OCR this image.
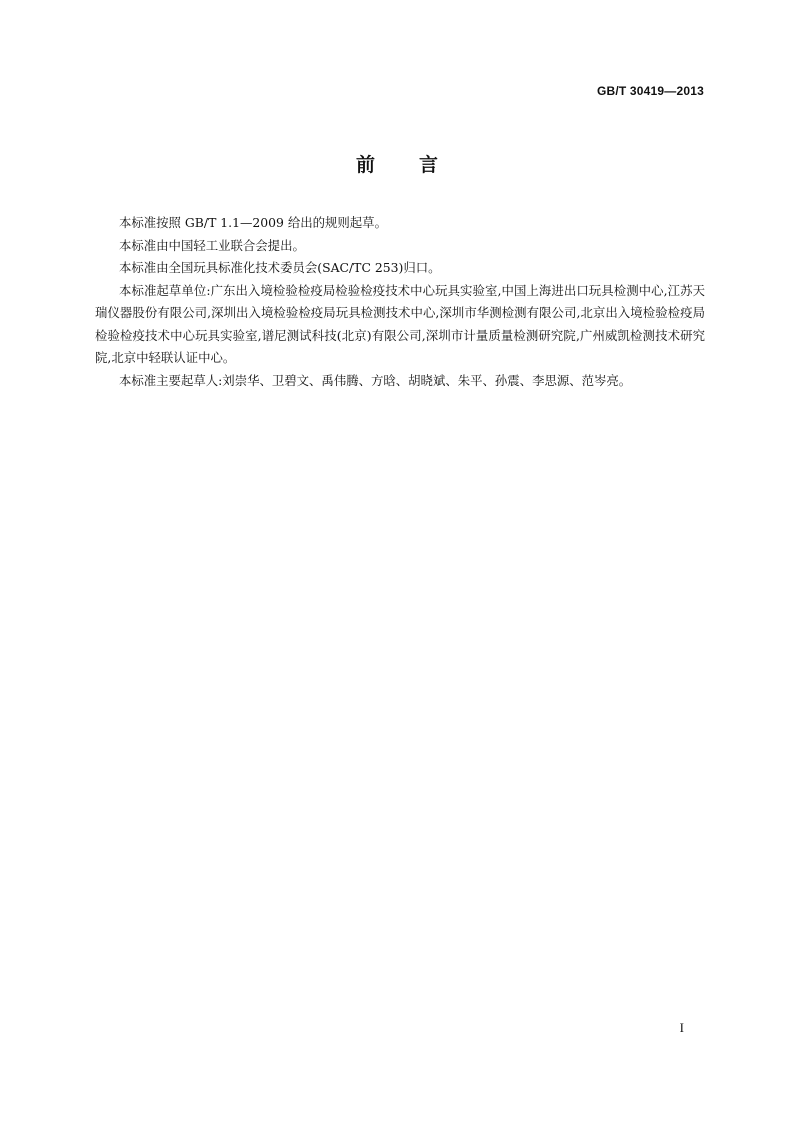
GB/T 30419—2013
前言

本标准按照 GB/T 1.1—2009 给出的规则起草。

本标准由中国轻工业联合会提出。

本标准由全国玩具标准化技术委员会(SAC/TC 253)归口。

本标准起草单位:广东出入境检验检疫局检验检疫技术中心玩具实验室,中国上海进出口玩具检测中心,江苏天瑞仪器股份有限公司,深圳出入境检验检疫局玩具检测技术中心,深圳市华测检测有限公司,北京出入境检验检疫局检验检疫技术中心玩具实验室,谱尼测试科技(北京)有限公司,深圳市计量质量检测研究院,广州威凯检测技术研究院,北京中轻联认证中心。

本标准主要起草人:刘崇华、卫碧文、禹伟腾、方晗、胡晓斌、朱平、孙震、李思源、范岑亮。

I
